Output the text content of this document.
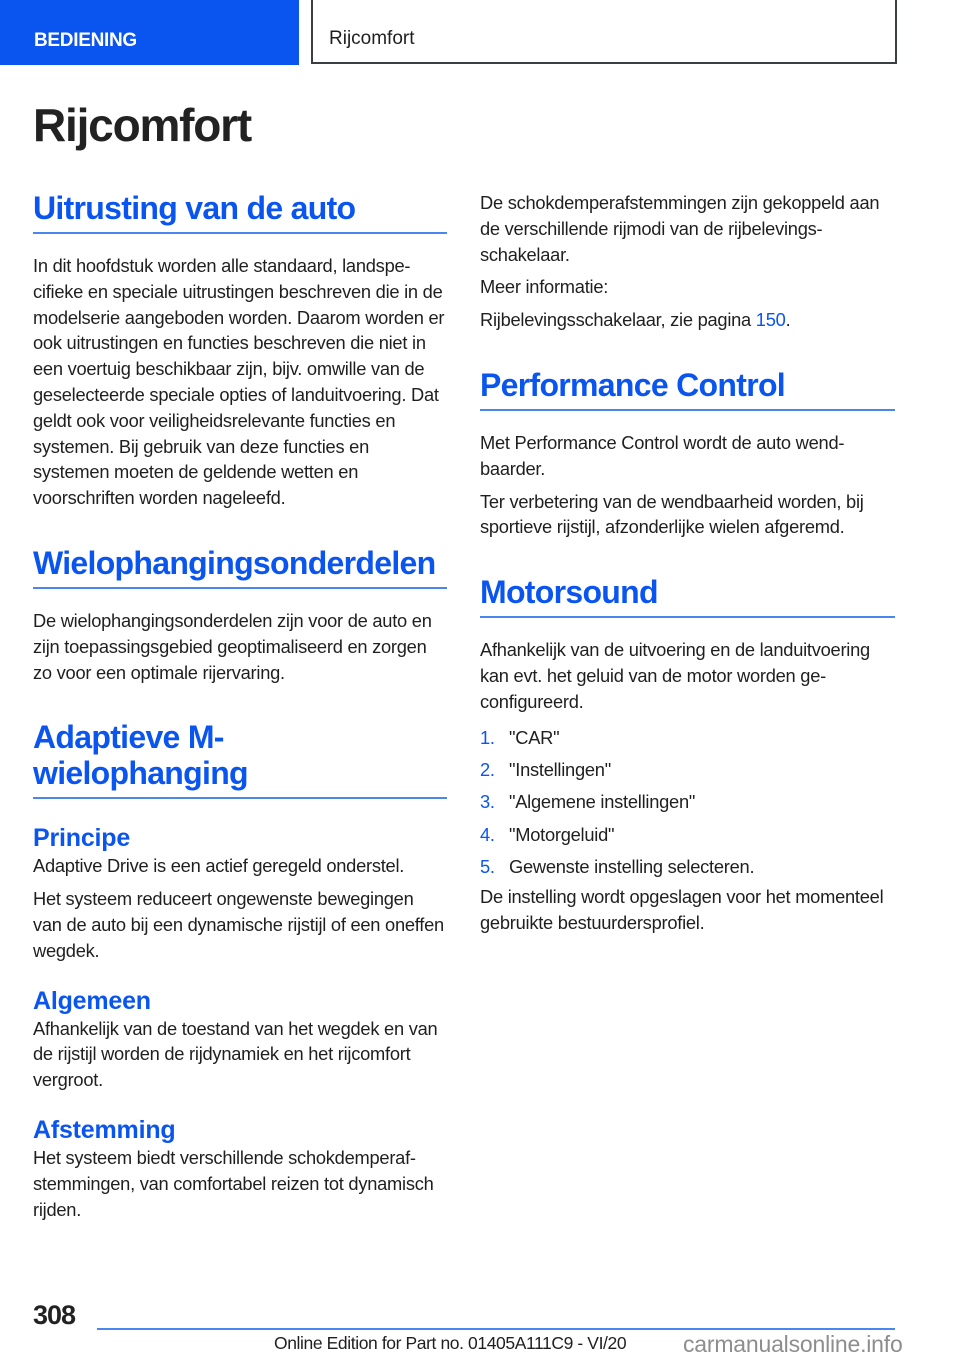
BEDIENING	Rijcomfort
Rijcomfort
Uitrusting van de auto

In dit hoofdstuk worden alle standaard, landspecifieke en speciale uitrustingen beschreven die in de modelserie aangeboden worden. Daarom worden er ook uitrustingen en functies beschreven die niet in een voertuig beschikbaar zijn, bijv. omwille van de geselecteerde speciale opties of landuitvoering. Dat geldt ook voor veiligheidsrelevante functies en systemen. Bij gebruik van deze functies en systemen moeten de geldende wetten en voorschriften worden nageleefd.

Wielophangingsonderdelen

De wielophangingsonderdelen zijn voor de auto en zijn toepassingsgebied geoptimaliseerd en zorgen zo voor een optimale rijervaring.

Adaptieve M-
wielophanging
Principe

Adaptive Drive is een actief geregeld onderstel.

Het systeem reduceert ongewenste bewegingen van de auto bij een dynamische rijstijl of een oneffen wegdek.

Algemeen

Afhankelijk van de toestand van het wegdek en van de rijstijl worden de rijdynamiek en het rijcomfort vergroot.

Afstemming

Het systeem biedt verschillende schokdemperafstemmingen, van comfortabel reizen tot dynamisch rijden.

De schokdemperafstemmingen zijn gekoppeld aan de verschillende rijmodi van de rijbelevingsschakelaar.

Meer informatie:

Rijbelevingsschakelaar, zie pagina 150.

Performance Control

Met Performance Control wordt de auto wendbaarder.

Ter verbetering van de wendbaarheid worden, bij sportieve rijstijl, afzonderlijke wielen afgeremd.

Motorsound

Afhankelijk van de uitvoering en de landuitvoering kan evt. het geluid van de motor worden geconfigureerd.

1. "CAR"
2. "Instellingen"
3. "Algemene instellingen"
4. "Motorgeluid"
5. Gewenste instelling selecteren.

De instelling wordt opgeslagen voor het momenteel gebruikte bestuurdersprofiel.

308
Online Edition for Part no. 01405A111C9 - VI/20 carmanualsonline.info
